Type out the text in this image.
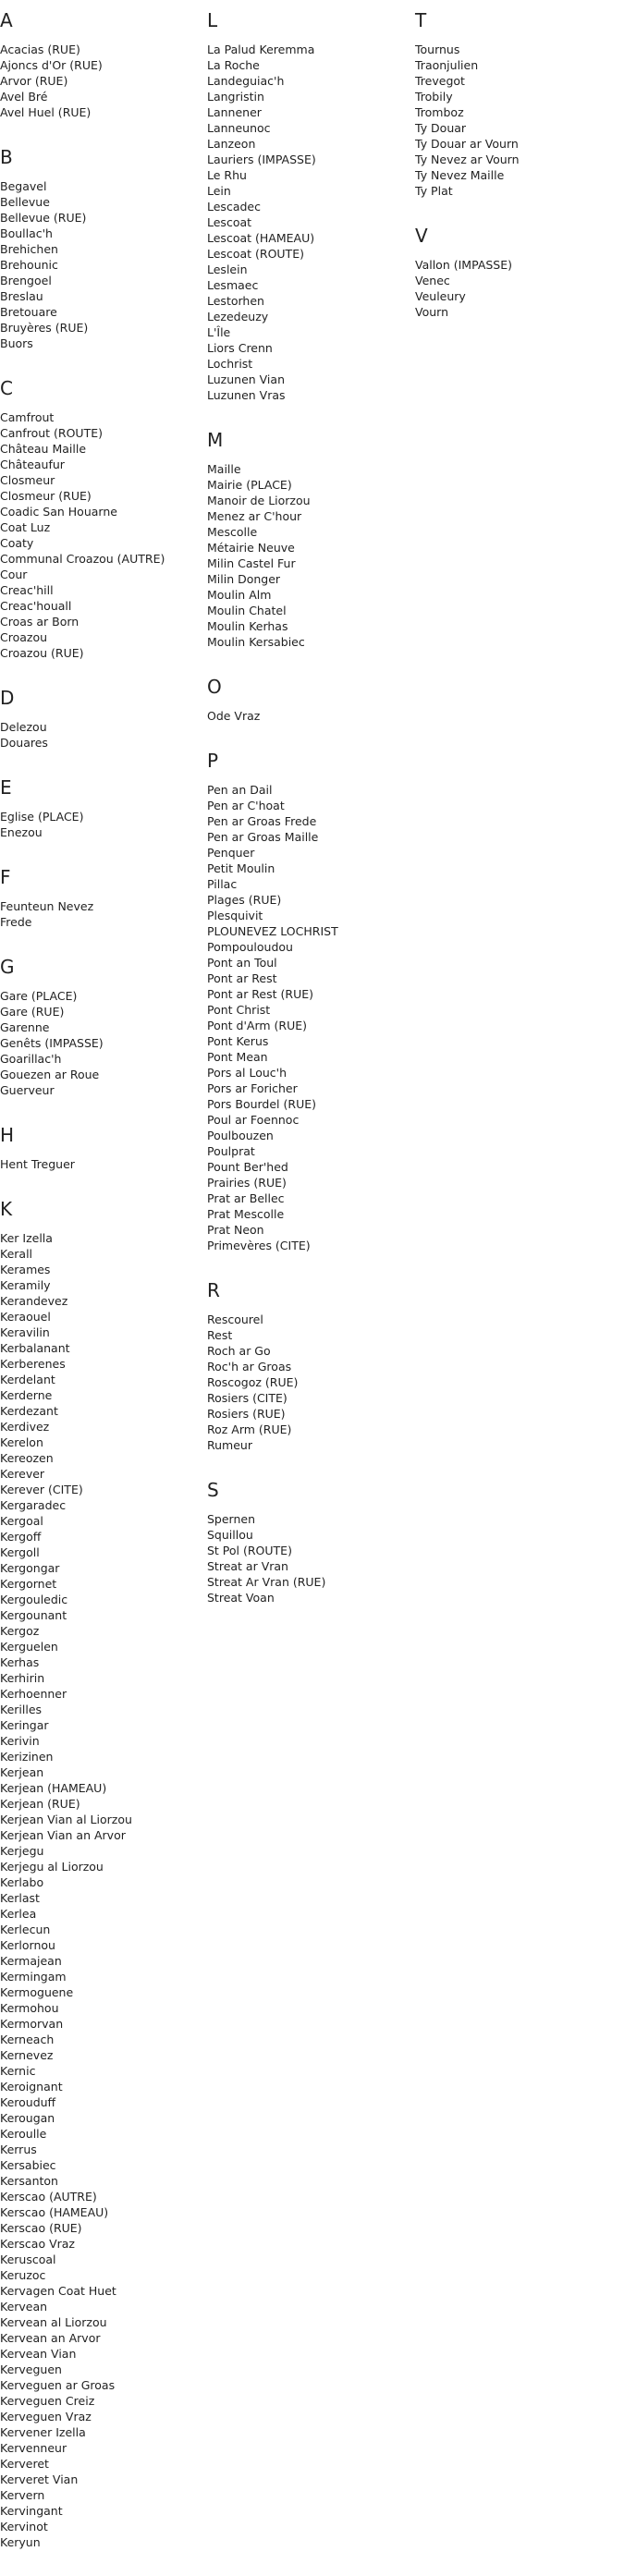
A
Acacias (RUE)
Ajoncs d'Or (RUE)
Arvor (RUE)
Avel Bré
Avel Huel (RUE)
B
Begavel
Bellevue
Bellevue (RUE)
Boullac'h
Brehichen
Brehounic
Brengoel
Breslau
Bretouare
Bruyères (RUE)
Buors
C
Camfrout
Canfrout (ROUTE)
Château Maille
Châteaufur
Closmeur
Closmeur (RUE)
Coadic San Houarne
Coat Luz
Coaty
Communal Croazou (AUTRE)
Cour
Creac'hill
Creac'houall
Croas ar Born
Croazou
Croazou (RUE)
D
Delezou
Douares
E
Eglise (PLACE)
Enezou
F
Feunteun Nevez
Frede
G
Gare (PLACE)
Gare (RUE)
Garenne
Genêts (IMPASSE)
Goarillac'h
Gouezen ar Roue
Guerveur
H
Hent Treguer
K
Ker Izella
Kerall
Kerames
Keramily
Kerandevez
Keraouel
Keravilin
Kerbalanant
Kerberenes
Kerdelant
Kerderne
Kerdezant
Kerdivez
Kerelon
Kereozen
Kerever
Kerever (CITE)
Kergaradec
Kergoal
Kergoff
Kergoll
Kergongar
Kergornet
Kergouledic
Kergounant
Kergoz
Kerguelen
Kerhas
Kerhirin
Kerhoenner
Kerilles
Keringar
Kerivin
Kerizinen
Kerjean
Kerjean (HAMEAU)
Kerjean (RUE)
Kerjean Vian al Liorzou
Kerjean Vian an Arvor
Kerjegu
Kerjegu al Liorzou
Kerlabo
Kerlast
Kerlea
Kerlecun
Kerlornou
Kermajean
Kermingam
Kermoguene
Kermohou
Kermorvan
Kerneach
Kernevez
Kernic
Keroignant
Kerouduff
Kerougan
Keroulle
Kerrus
Kersabiec
Kersanton
Kerscao (AUTRE)
Kerscao (HAMEAU)
Kerscao (RUE)
Kerscao Vraz
Keruscoal
Keruzoc
Kervagen Coat Huet
Kervean
Kervean al Liorzou
Kervean an Arvor
Kervean Vian
Kerveguen
Kerveguen ar Groas
Kerveguen Creiz
Kerveguen Vraz
Kervener Izella
Kervenneur
Kerveret
Kerveret Vian
Kervern
Kervingant
Kervinot
Keryun
L
La Palud Keremma
La Roche
Landeguiac'h
Langristin
Lannener
Lanneunoc
Lanzeon
Lauriers (IMPASSE)
Le Rhu
Lein
Lescadec
Lescoat
Lescoat (HAMEAU)
Lescoat (ROUTE)
Leslein
Lesmaec
Lestorhen
Lezedeuzy
L'Île
Liors Crenn
Lochrist
Luzunen Vian
Luzunen Vras
M
Maille
Mairie (PLACE)
Manoir de Liorzou
Menez ar C'hour
Mescolle
Métairie Neuve
Milin Castel Fur
Milin Donger
Moulin Alm
Moulin Chatel
Moulin Kerhas
Moulin Kersabiec
O
Ode Vraz
P
Pen an Dail
Pen ar C'hoat
Pen ar Groas Frede
Pen ar Groas Maille
Penquer
Petit Moulin
Pillac
Plages (RUE)
Plesquivit
PLOUNEVEZ LOCHRIST
Pompouloudou
Pont an Toul
Pont ar Rest
Pont ar Rest (RUE)
Pont Christ
Pont d'Arm (RUE)
Pont Kerus
Pont Mean
Pors al Louc'h
Pors ar Foricher
Pors Bourdel (RUE)
Poul ar Foennoc
Poulbouzen
Poulprat
Pount Ber'hed
Prairies (RUE)
Prat ar Bellec
Prat Mescolle
Prat Neon
Primevères (CITE)
R
Rescourel
Rest
Roch ar Go
Roc'h ar Groas
Roscogoz (RUE)
Rosiers (CITE)
Rosiers (RUE)
Roz Arm (RUE)
Rumeur
S
Spernen
Squillou
St Pol (ROUTE)
Streat ar Vran
Streat Ar Vran (RUE)
Streat Voan
T
Tournus
Traonjulien
Trevegot
Trobily
Tromboz
Ty Douar
Ty Douar ar Vourn
Ty Nevez ar Vourn
Ty Nevez Maille
Ty Plat
V
Vallon (IMPASSE)
Venec
Veuleury
Vourn
